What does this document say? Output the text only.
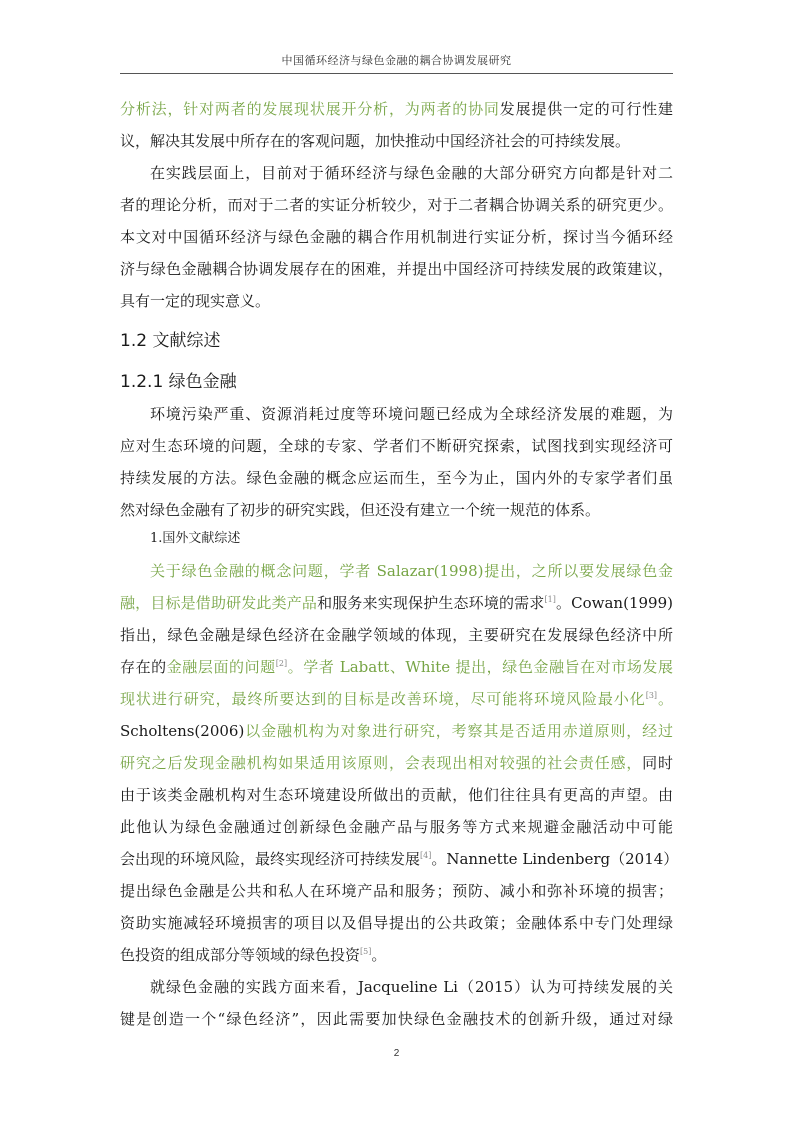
中国循环经济与绿色金融的耦合协调发展研究
分析法，针对两者的发展现状展开分析，为两者的协同发展提供一定的可行性建
议，解决其发展中所存在的客观问题，加快推动中国经济社会的可持续发展。
在实践层面上，目前对于循环经济与绿色金融的大部分研究方向都是针对二
者的理论分析，而对于二者的实证分析较少，对于二者耦合协调关系的研究更少。
本文对中国循环经济与绿色金融的耦合作用机制进行实证分析，探讨当今循环经
济与绿色金融耦合协调发展存在的困难，并提出中国经济可持续发展的政策建议，
具有一定的现实意义。
1.2 文献综述
1.2.1 绿色金融
环境污染严重、资源消耗过度等环境问题已经成为全球经济发展的难题，为
应对生态环境的问题，全球的专家、学者们不断研究探索，试图找到实现经济可
持续发展的方法。绿色金融的概念应运而生，至今为止，国内外的专家学者们虽
然对绿色金融有了初步的研究实践，但还没有建立一个统一规范的体系。
1.国外文献综述
关于绿色金融的概念问题，学者 Salazar(1998)提出，之所以要发展绿色金
融，目标是借助研发此类产品和服务来实现保护生态环境的需求[1]。Cowan(1999)
指出，绿色金融是绿色经济在金融学领域的体现，主要研究在发展绿色经济中所
存在的金融层面的问题[2]。学者 Labatt、White 提出，绿色金融旨在对市场发展
现状进行研究，最终所要达到的目标是改善环境，尽可能将环境风险最小化[3]。
Scholtens(2006)以金融机构为对象进行研究，考察其是否适用赤道原则，经过
研究之后发现金融机构如果适用该原则，会表现出相对较强的社会责任感，同时
由于该类金融机构对生态环境建设所做出的贡献，他们往往具有更高的声望。由
此他认为绿色金融通过创新绿色金融产品与服务等方式来规避金融活动中可能
会出现的环境风险，最终实现经济可持续发展[4]。Nannette Lindenberg（2014）
提出绿色金融是公共和私人在环境产品和服务；预防、减小和弥补环境的损害；
资助实施减轻环境损害的项目以及倡导提出的公共政策；金融体系中专门处理绿
色投资的组成部分等领域的绿色投资[5]。
就绿色金融的实践方面来看，Jacqueline Li（2015）认为可持续发展的关
键是创造一个“绿色经济”，因此需要加快绿色金融技术的创新升级，通过对绿
2
